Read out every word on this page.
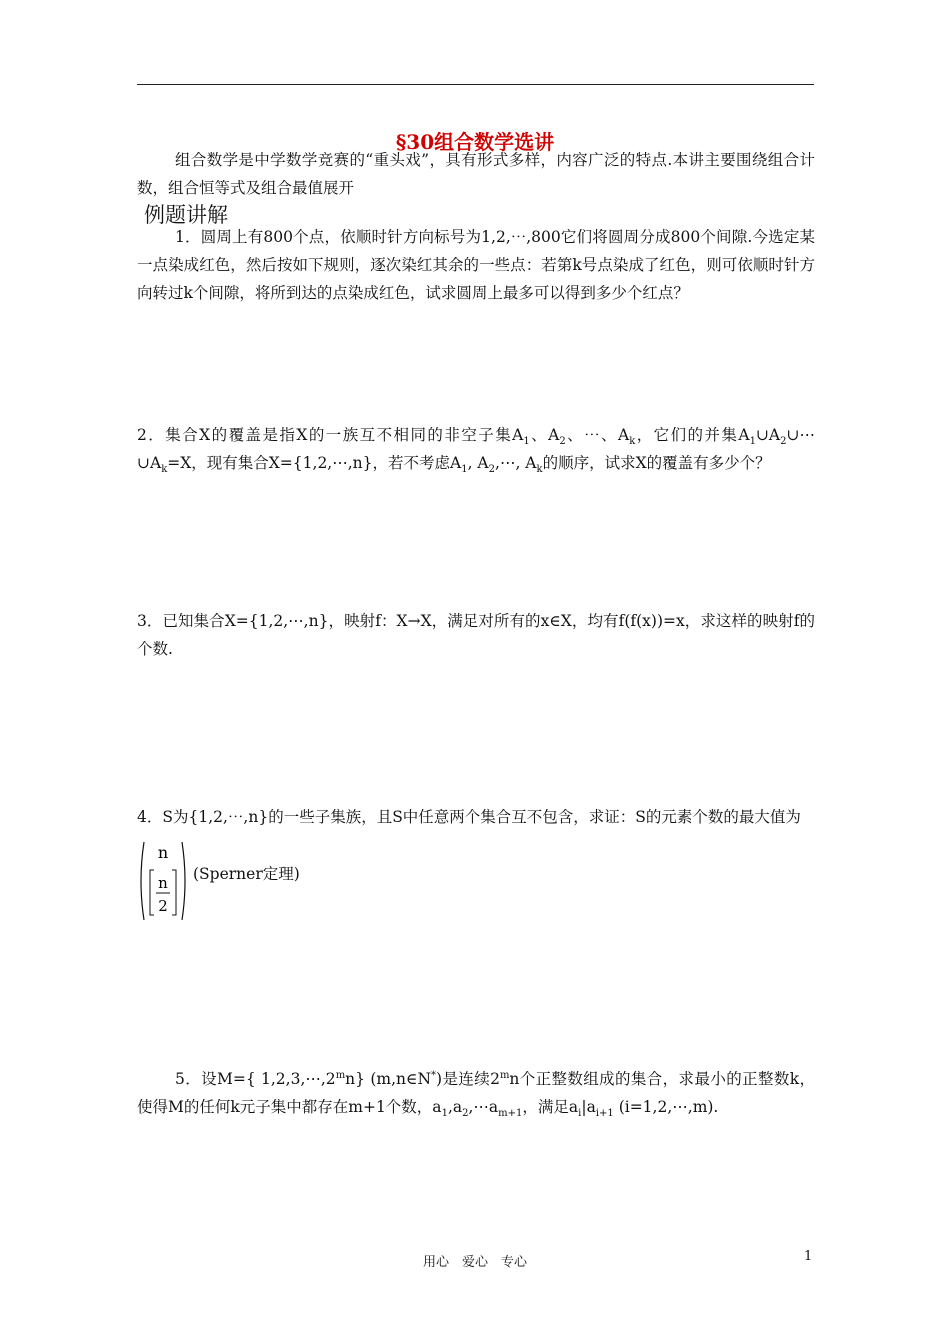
§30组合数学选讲
组合数学是中学数学竞赛的“重头戏”，具有形式多样，内容广泛的特点.本讲主要围绕组合计数，组合恒等式及组合最值展开
例题讲解
1．圆周上有800个点，依顺时针方向标号为1,2,⋯,800它们将圆周分成800个间隙.今选定某一点染成红色，然后按如下规则，逐次染红其余的一些点：若第k号点染成了红色，则可依顺时针方向转过k个间隙，将所到达的点染成红色，试求圆周上最多可以得到多少个红点？
2．集合X的覆盖是指X的一族互不相同的非空子集$A_1$、$A_2$、⋯、$A_k$，它们的并集$A_1\cup A_2\cup\cdots\cup A_k=X$，现有集合X={1,2,⋯,n}，若不考虑$A_1$, $A_2,\cdots$, $A_k$的顺序，试求X的覆盖有多少个？
3．已知集合X={1,2,⋯,n}，映射f：X→X，满足对所有的x∈X，均有f(f(x))=x，求这样的映射f的个数.
4．S为{1,2,⋯,n}的一些子集族，且S中任意两个集合互不包含，求证：S的元素个数的最大值为
n
n
2
(Sperner定理)
5．设M={ 1,2,3,⋯,2$^m$n} (m,n∈N*)是连续2$^m$n个正整数组成的集合，求最小的正整数k，使得M的任何k元子集中都存在m+1个数，$a_1,a_2,\cdots a_{m+1}$，满足$a_i|a_{i+1}$ (i=1,2,⋯,m).
用心　爱心　专心	1
